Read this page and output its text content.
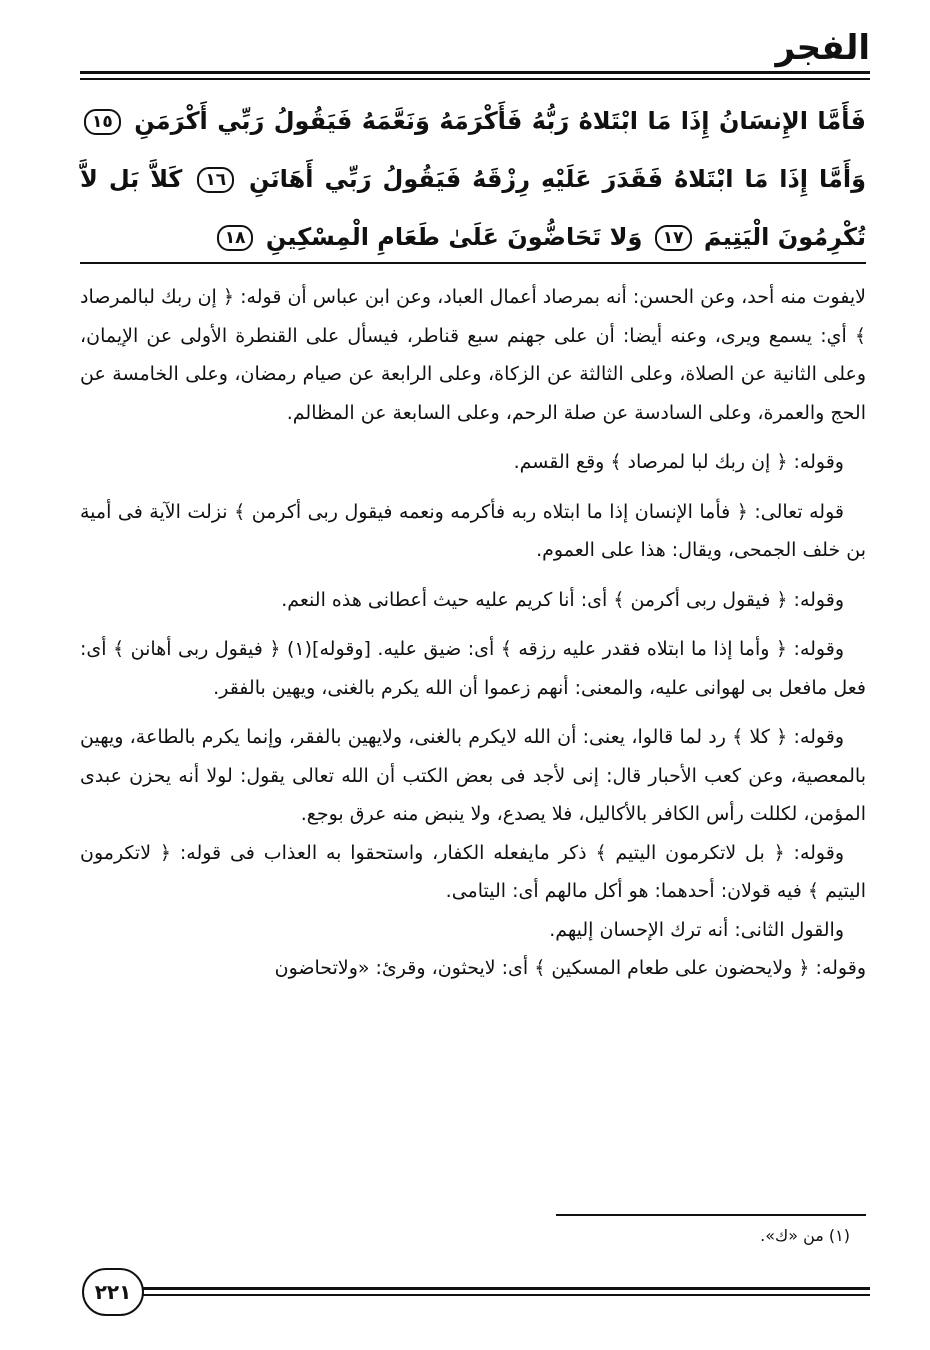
الفجر
فَأَمَّا الإِنسَانُ إِذَا مَا ابْتَلاهُ رَبُّهُ فَأَكْرَمَهُ وَنَعَّمَهُ فَيَقُولُ رَبِّي أَكْرَمَنِ ١٥ وَأَمَّا إِذَا مَا ابْتَلاهُ فَقَدَرَ عَلَيْهِ رِزْقَهُ فَيَقُولُ رَبِّي أَهَانَنِ ١٦ كَلاَّ بَل لاَّ تُكْرِمُونَ الْيَتِيمَ ١٧ وَلا تَحَاضُّونَ عَلَىٰ طَعَامِ الْمِسْكِينِ ١٨

لايفوت منه أحد، وعن الحسن: أنه بمرصاد أعمال العباد، وعن ابن عباس أن قوله: ﴿ إن ربك لبالمرصاد ﴾ أي: يسمع ويرى، وعنه أيضا: أن على جهنم سبع قناطر، فيسأل على القنطرة الأولى عن الإيمان، وعلى الثانية عن الصلاة، وعلى الثالثة عن الزكاة، وعلى الرابعة عن صيام رمضان، وعلى الخامسة عن الحج والعمرة، وعلى السادسة عن صلة الرحم، وعلى السابعة عن المظالم.

وقوله: ﴿ إن ربك لبا لمرصاد ﴾ وقع القسم.

قوله تعالى: ﴿ فأما الإنسان إذا ما ابتلاه ربه فأكرمه ونعمه فيقول ربى أكرمن ﴾ نزلت الآية فى أمية بن خلف الجمحى، ويقال: هذا على العموم.

وقوله: ﴿ فيقول ربى أكرمن ﴾ أى: أنا كريم عليه حيث أعطانى هذه النعم.

وقوله: ﴿ وأما إذا ما ابتلاه فقدر عليه رزقه ﴾ أى: ضيق عليه. [وقوله](١) ﴿ فيقول ربى أهانن ﴾ أى: فعل مافعل بى لهوانى عليه، والمعنى: أنهم زعموا أن الله يكرم بالغنى، ويهين بالفقر.

وقوله: ﴿ كلا ﴾ رد لما قالوا، يعنى: أن الله لايكرم بالغنى، ولايهين بالفقر، وإنما يكرم بالطاعة، ويهين بالمعصية، وعن كعب الأحبار قال: إنى لأجد فى بعض الكتب أن الله تعالى يقول: لولا أنه يحزن عبدى المؤمن، لكللت رأس الكافر بالأكاليل، فلا يصدع، ولا ينبض منه عرق بوجع.

وقوله: ﴿ بل لاتكرمون اليتيم ﴾ ذكر مايفعله الكفار، واستحقوا به العذاب فى قوله: ﴿ لاتكرمون اليتيم ﴾ فيه قولان: أحدهما: هو أكل مالهم أى: اليتامى.

والقول الثانى: أنه ترك الإحسان إليهم.

وقوله: ﴿ ولايحضون على طعام المسكين ﴾ أى: لايحثون، وقرئ: «ولاتحاضون

(١) من «ك».
٢٢١
